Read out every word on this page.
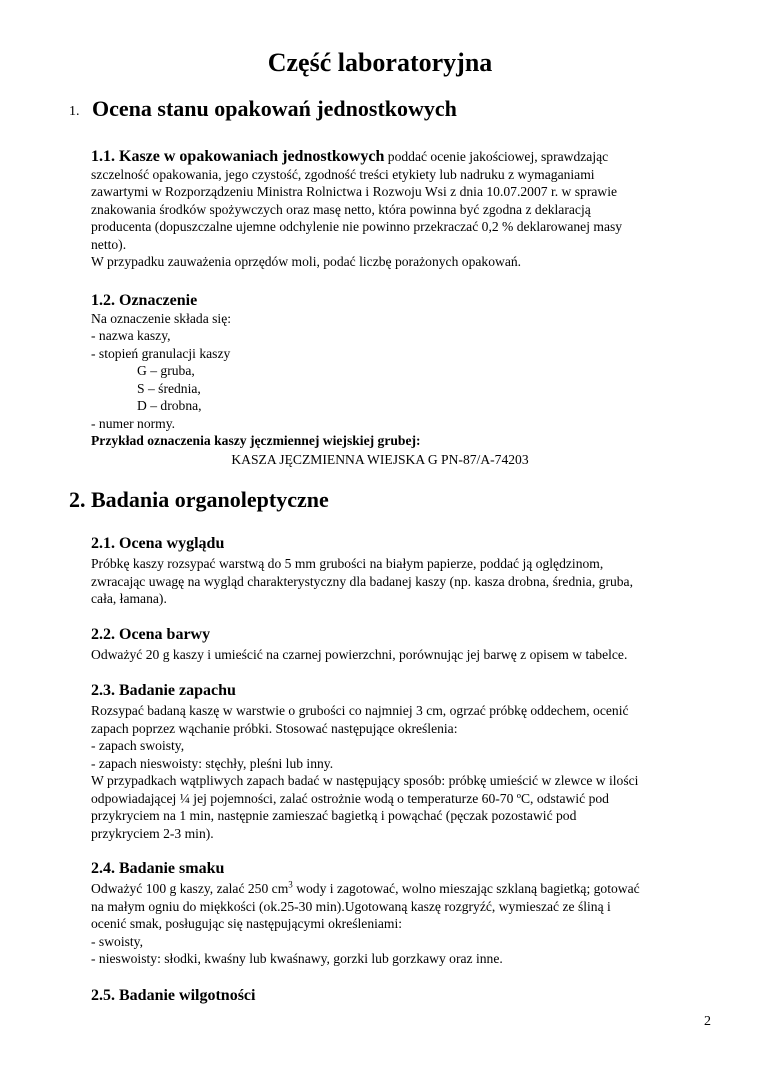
Część laboratoryjna
1. Ocena stanu opakowań jednostkowych
1.1. Kasze w opakowaniach jednostkowych poddać ocenie jakościowej, sprawdzając
szczelność opakowania, jego czystość, zgodność treści etykiety lub nadruku z wymaganiami
zawartymi w Rozporządzeniu Ministra Rolnictwa i Rozwoju Wsi z dnia 10.07.2007 r. w sprawie
znakowania środków spożywczych oraz masę netto, która powinna być zgodna z deklaracją
producenta (dopuszczalne ujemne odchylenie nie powinno przekraczać 0,2 % deklarowanej masy
netto).
W przypadku zauważenia oprzędów moli, podać liczbę porażonych opakowań.
1.2. Oznaczenie
Na oznaczenie składa się:
- nazwa kaszy,
- stopień granulacji kaszy
G – gruba,
S – średnia,
D – drobna,
- numer normy.
Przykład oznaczenia kaszy jęczmiennej wiejskiej grubej:
KASZA JĘCZMIENNA WIEJSKA G PN-87/A-74203
2. Badania organoleptyczne
2.1. Ocena wyglądu
Próbkę kaszy rozsypać warstwą do 5 mm grubości na białym papierze, poddać ją oględzinom,
zwracając uwagę na wygląd charakterystyczny dla badanej kaszy (np. kasza drobna, średnia, gruba,
cała, łamana).
2.2. Ocena barwy
Odważyć 20 g kaszy i umieścić na czarnej powierzchni, porównując jej barwę z opisem w tabelce.
2.3. Badanie zapachu
Rozsypać badaną kaszę w warstwie o grubości co najmniej 3 cm, ogrzać próbkę oddechem, ocenić
zapach poprzez wąchanie próbki. Stosować następujące określenia:
- zapach swoisty,
- zapach nieswoisty: stęchły, pleśni lub inny.
W przypadkach wątpliwych zapach badać w następujący sposób: próbkę umieścić w zlewce w ilości
odpowiadającej ¼ jej pojemności, zalać ostrożnie wodą o temperaturze 60-70 ºC, odstawić pod
przykryciem na 1 min, następnie zamieszać bagietką i powąchać (pęczak pozostawić pod
przykryciem 2-3 min).
2.4. Badanie smaku
Odważyć 100 g kaszy, zalać 250 $cm^3$ wody i zagotować, wolno mieszając szklaną bagietką; gotować
na małym ogniu do miękkości (ok.25-30 min).Ugotowaną kaszę rozgryźć, wymieszać ze śliną i
ocenić smak, posługując się następującymi określeniami:
- swoisty,
- nieswoisty: słodki, kwaśny lub kwaśnawy, gorzki lub gorzkawy oraz inne.
2.5. Badanie wilgotności
2
